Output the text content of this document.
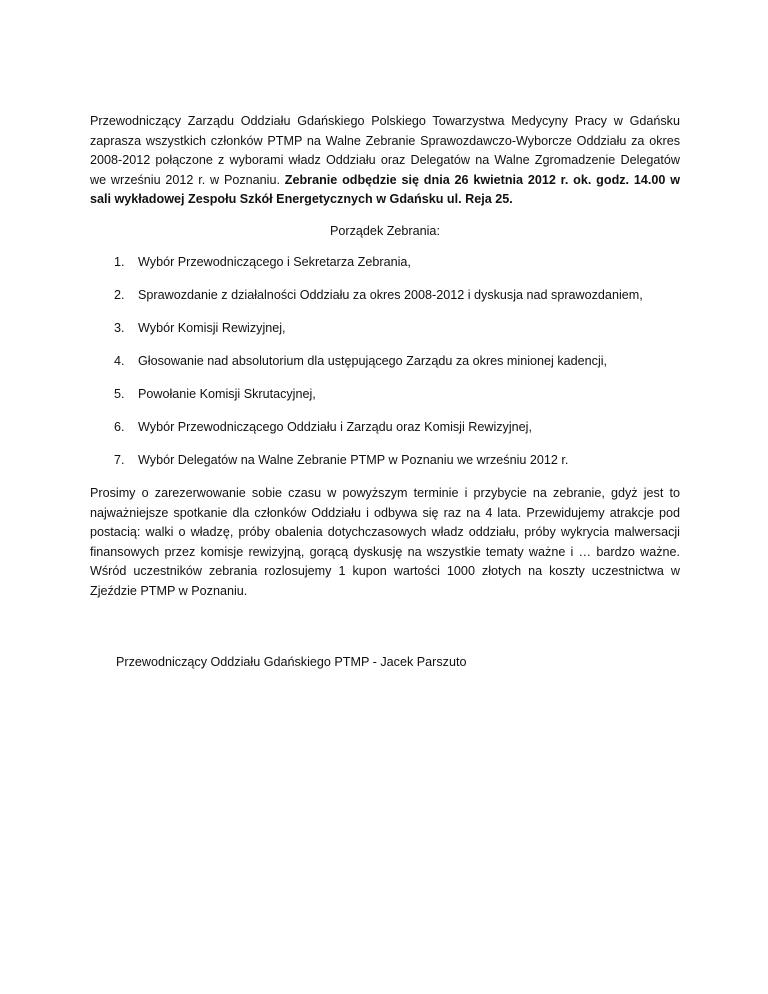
Przewodniczący Zarządu Oddziału Gdańskiego Polskiego Towarzystwa Medycyny Pracy w Gdańsku zaprasza wszystkich członków PTMP na Walne Zebranie Sprawozdawczo-Wyborcze Oddziału za okres 2008-2012 połączone z wyborami władz Oddziału oraz Delegatów na Walne Zgromadzenie Delegatów we wrześniu 2012 r. w Poznaniu. Zebranie odbędzie się dnia 26 kwietnia 2012 r. ok. godz. 14.00 w sali wykładowej Zespołu Szkół Energetycznych w Gdańsku ul. Reja 25.

Porządek Zebrania:
1.	Wybór Przewodniczącego i Sekretarza Zebrania,
2.	Sprawozdanie z działalności Oddziału za okres 2008-2012 i dyskusja nad sprawozdaniem,
3.	Wybór Komisji Rewizyjnej,
4.	Głosowanie nad absolutorium dla ustępującego Zarządu za okres minionej kadencji,
5.	Powołanie Komisji Skrutacyjnej,
6.	Wybór Przewodniczącego Oddziału i Zarządu oraz Komisji Rewizyjnej,
7.	Wybór Delegatów na Walne Zebranie PTMP w Poznaniu we wrześniu 2012 r.

Prosimy o zarezerwowanie sobie czasu w powyższym terminie i przybycie na zebranie, gdyż jest to najważniejsze spotkanie dla członków Oddziału i odbywa się raz na 4 lata. Przewidujemy atrakcje pod postacią: walki o władzę, próby obalenia dotychczasowych władz oddziału, próby wykrycia malwersacji finansowych przez komisje rewizyjną, gorącą dyskusję na wszystkie tematy ważne i … bardzo ważne. Wśród uczestników zebrania rozlosujemy 1 kupon wartości 1000 złotych na koszty uczestnictwa w Zjeździe PTMP w Poznaniu.

Przewodniczący Oddziału Gdańskiego PTMP - Jacek Parszuto
